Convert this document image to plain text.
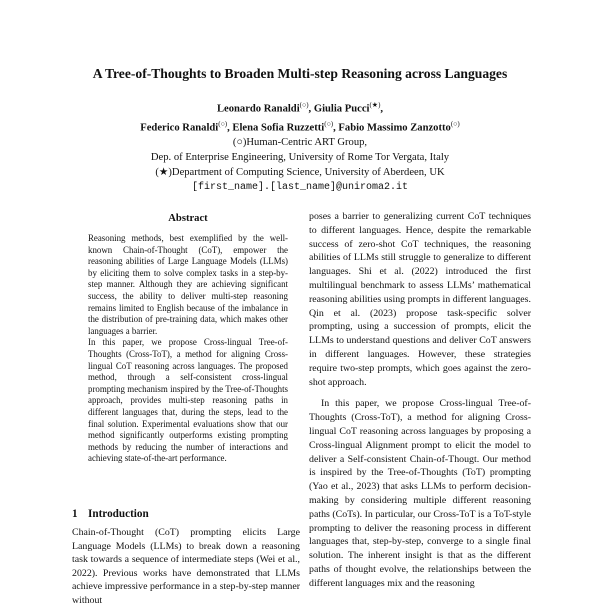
A Tree-of-Thoughts to Broaden Multi-step Reasoning across Languages
Leonardo Ranaldi(○), Giulia Pucci(★),
Federico Ranaldi(○), Elena Sofia Ruzzetti(○), Fabio Massimo Zanzotto(○)
(○)Human-Centric ART Group,
Dep. of Enterprise Engineering, University of Rome Tor Vergata, Italy
(★)Department of Computing Science, University of Aberdeen, UK
[first_name].[last_name]@uniroma2.it
Abstract

Reasoning methods, best exemplified by the well-known Chain-of-Thought (CoT), empower the reasoning abilities of Large Language Models (LLMs) by eliciting them to solve complex tasks in a step-by-step manner. Although they are achieving significant success, the ability to deliver multi-step reasoning remains limited to English because of the imbalance in the distribution of pre-training data, which makes other languages a barrier.

In this paper, we propose Cross-lingual Tree-of-Thoughts (Cross-ToT), a method for aligning Cross-lingual CoT reasoning across languages. The proposed method, through a self-consistent cross-lingual prompting mechanism inspired by the Tree-of-Thoughts approach, provides multi-step reasoning paths in different languages that, during the steps, lead to the final solution. Experimental evaluations show that our method significantly outperforms existing prompting methods by reducing the number of interactions and achieving state-of-the-art performance.

1 Introduction

Chain-of-Thought (CoT) prompting elicits Large Language Models (LLMs) to break down a reasoning task towards a sequence of intermediate steps (Wei et al., 2022). Previous works have demonstrated that LLMs achieve impressive performance in a step-by-step manner without

poses a barrier to generalizing current CoT techniques to different languages. Hence, despite the remarkable success of zero-shot CoT techniques, the reasoning abilities of LLMs still struggle to generalize to different languages. Shi et al. (2022) introduced the first multilingual benchmark to assess LLMs’ mathematical reasoning abilities using prompts in different languages. Qin et al. (2023) propose task-specific solver prompting, using a succession of prompts, elicit the LLMs to understand questions and deliver CoT answers in different languages. However, these strategies require two-step prompts, which goes against the zero-shot approach.

In this paper, we propose Cross-lingual Tree-of-Thoughts (Cross-ToT), a method for aligning Cross-lingual CoT reasoning across languages by proposing a Cross-lingual Alignment prompt to elicit the model to deliver a Self-consistent Chain-of-Thougt. Our method is inspired by the Tree-of-Thoughts (ToT) prompting (Yao et al., 2023) that asks LLMs to perform decision-making by considering multiple different reasoning paths (CoTs). In particular, our Cross-ToT is a ToT-style prompting to deliver the reasoning process in different languages that, step-by-step, converge to a single final solution. The inherent insight is that as the different paths of thought evolve, the relationships between the different languages mix and the reasoning
